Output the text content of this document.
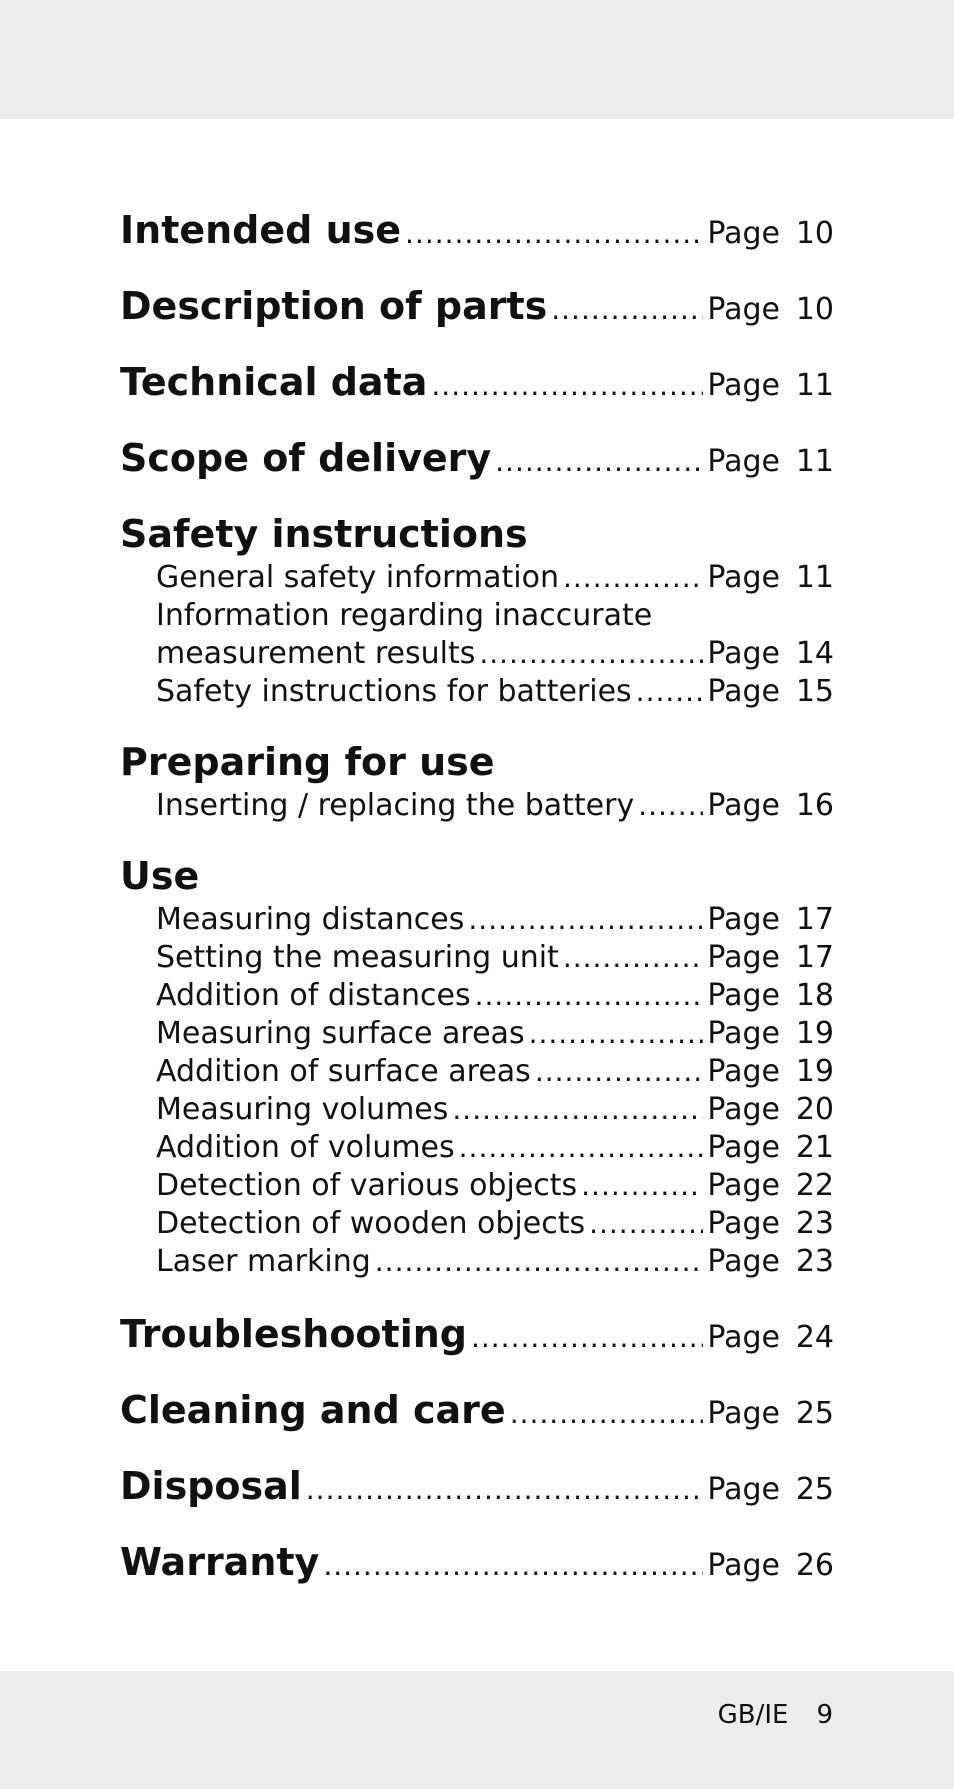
Intended use .....	Page 10
Description of parts .....	Page 10
Technical data .....	Page 11
Scope of delivery .....	Page 11
Safety instructions
General safety information .....	Page 11
Information regarding inaccurate
measurement results .....	Page 14
Safety instructions for batteries .....	Page 15
Preparing for use
Inserting / replacing the battery ..... Page 16
Use
Measuring distances .....	Page 17
Setting the measuring unit .....	Page 17
Addition of distances .....	Page 18
Measuring surface areas .....	Page 19
Addition of surface areas .....	Page 19
Measuring volumes .....	Page 20
Addition of volumes .....	Page 21
Detection of various objects .....	Page 22
Detection of wooden objects .....	Page 23
Laser marking .....	Page 23
Troubleshooting .....	Page 24
Cleaning and care .....	Page 25
Disposal .....	Page 25
Warranty .....	Page 26
GB/IE 9
